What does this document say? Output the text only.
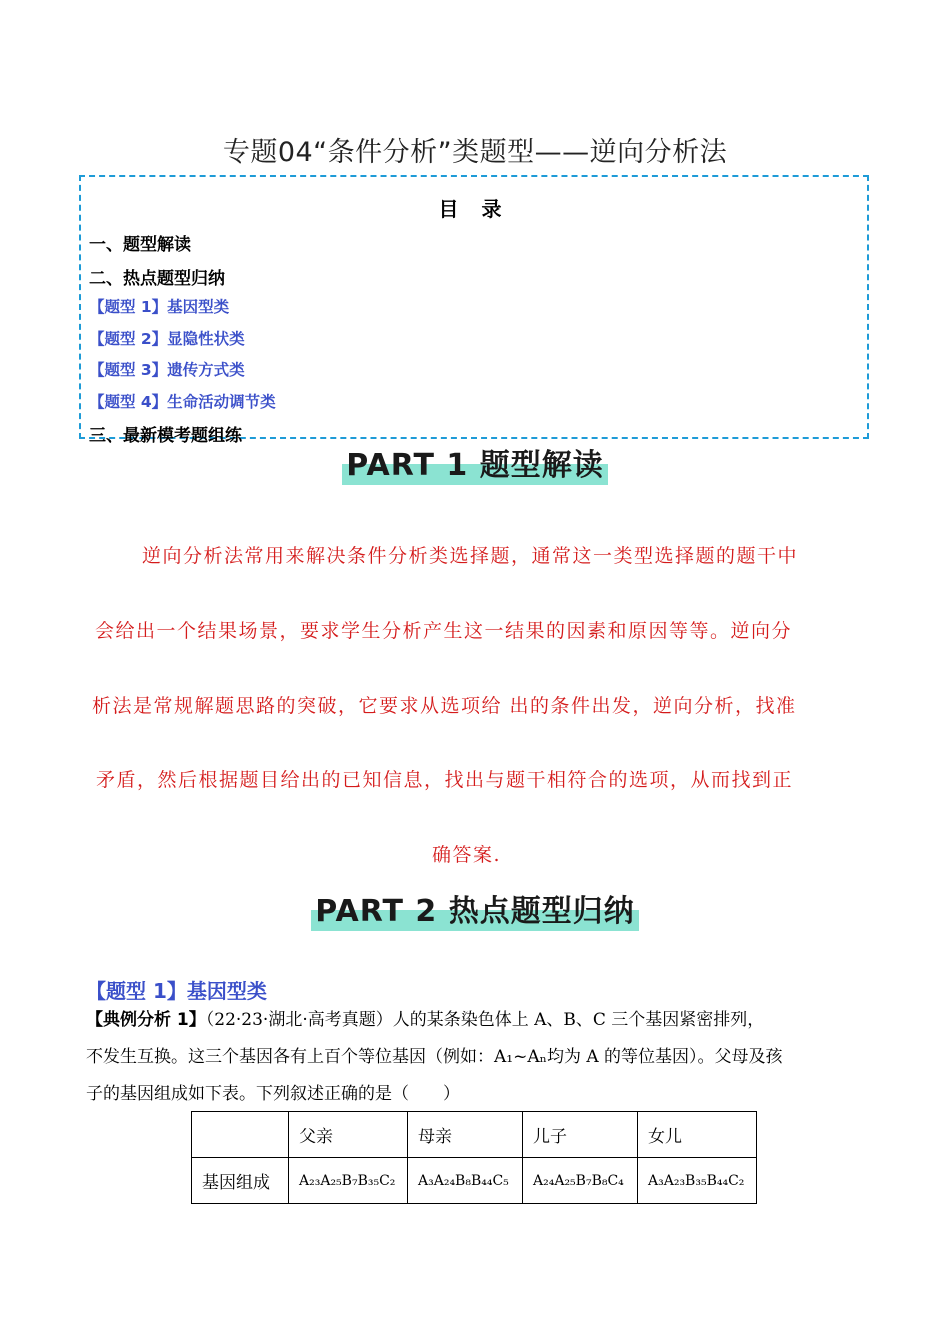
专题04“条件分析”类题型——逆向分析法
目 录
一、题型解读
二、热点题型归纳
【题型 1】基因型类
【题型 2】显隐性状类
【题型 3】遗传方式类
【题型 4】生命活动调节类
三、最新模考题组练
PART 1 题型解读
逆向分析法常用来解决条件分析类选择题，通常这一类型选择题的题干中
会给出一个结果场景，要求学生分析产生这一结果的因素和原因等等。逆向分
析法是常规解题思路的突破，它要求从选项给 出的条件出发，逆向分析，找准
矛盾，然后根据题目给出的已知信息，找出与题干相符合的选项，从而找到正
确答案.
PART 2 热点题型归纳
【题型 1】基因型类
【典例分析 1】（22·23·湖北·高考真题）人的某条染色体上 A、B、C 三个基因紧密排列，
不发生互换。这三个基因各有上百个等位基因（例如：A₁~Aₙ均为 A 的等位基因）。父母及孩
子的基因组成如下表。下列叙述正确的是（　　）
	父亲	母亲	儿子	女儿
基因组成	A₂₃A₂₅B₇B₃₅C₂	A₃A₂₄B₈B₄₄C₅	A₂₄A₂₅B₇B₈C₄	A₃A₂₃B₃₅B₄₄C₂
